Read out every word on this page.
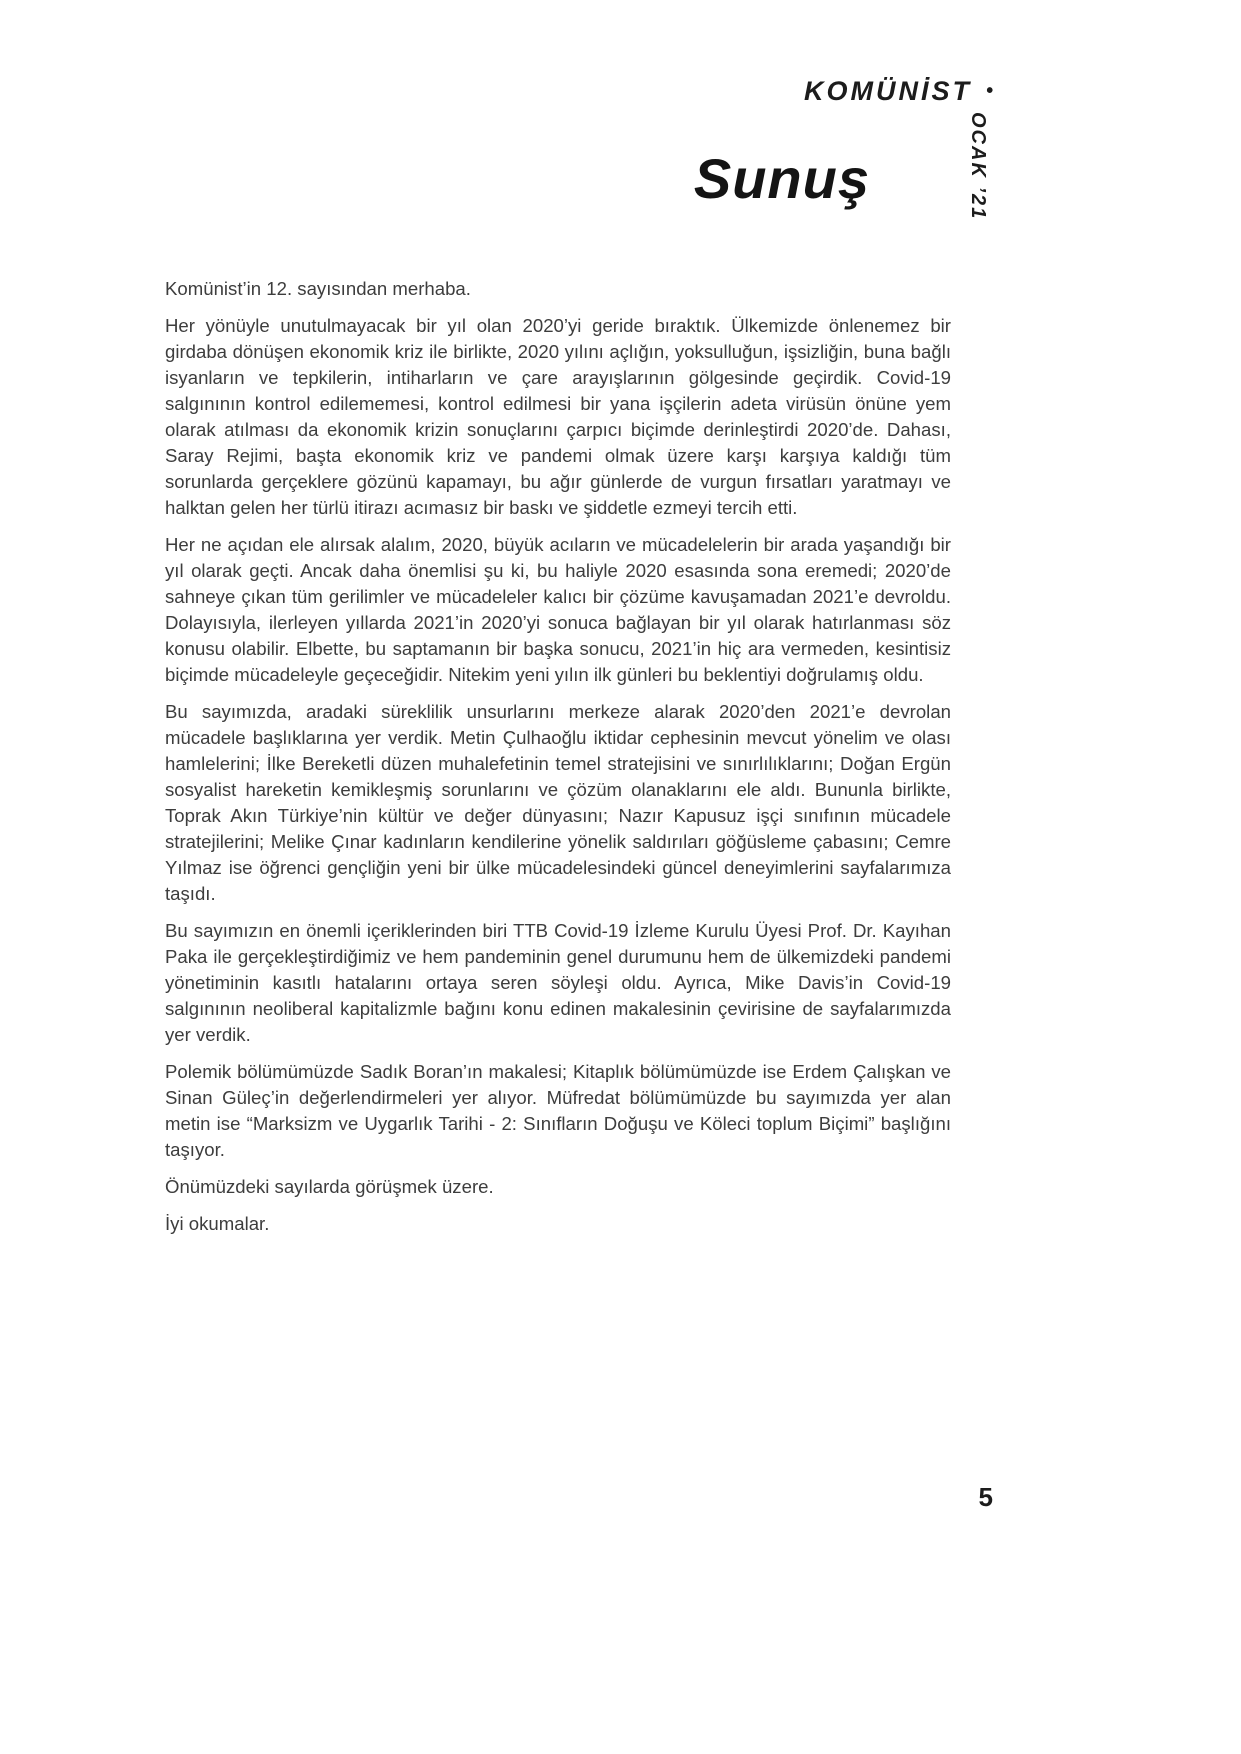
KOMÜNİST •
OCAK ’21
Sunuş

Komünist’in 12. sayısından merhaba.

Her yönüyle unutulmayacak bir yıl olan 2020’yi geride bıraktık. Ülkemizde önlenemez bir girdaba dönüşen ekonomik kriz ile birlikte, 2020 yılını açlığın, yoksulluğun, işsizliğin, buna bağlı isyanların ve tepkilerin, intiharların ve çare arayışlarının gölgesinde geçirdik. Covid-19 salgınının kontrol edilememesi, kontrol edilmesi bir yana işçilerin adeta virüsün önüne yem olarak atılması da ekonomik krizin sonuçlarını çarpıcı biçimde derinleştirdi 2020’de. Dahası, Saray Rejimi, başta ekonomik kriz ve pandemi olmak üzere karşı karşıya kaldığı tüm sorunlarda gerçeklere gözünü kapamayı, bu ağır günlerde de vurgun fırsatları yaratmayı ve halktan gelen her türlü itirazı acımasız bir baskı ve şiddetle ezmeyi tercih etti.

Her ne açıdan ele alırsak alalım, 2020, büyük acıların ve mücadelelerin bir arada yaşandığı bir yıl olarak geçti. Ancak daha önemlisi şu ki, bu haliyle 2020 esasında sona eremedi; 2020’de sahneye çıkan tüm gerilimler ve mücadeleler kalıcı bir çözüme kavuşamadan 2021’e devroldu. Dolayısıyla, ilerleyen yıllarda 2021’in 2020’yi sonuca bağlayan bir yıl olarak hatırlanması söz konusu olabilir. Elbette, bu saptamanın bir başka sonucu, 2021’in hiç ara vermeden, kesintisiz biçimde mücadeleyle geçeceğidir. Nitekim yeni yılın ilk günleri bu beklentiyi doğrulamış oldu.

Bu sayımızda, aradaki süreklilik unsurlarını merkeze alarak 2020’den 2021’e devrolan mücadele başlıklarına yer verdik. Metin Çulhaoğlu iktidar cephesinin mevcut yönelim ve olası hamlelerini; İlke Bereketli düzen muhalefetinin temel stratejisini ve sınırlılıklarını; Doğan Ergün sosyalist hareketin kemikleşmiş sorunlarını ve çözüm olanaklarını ele aldı. Bununla birlikte, Toprak Akın Türkiye’nin kültür ve değer dünyasını; Nazır Kapusuz işçi sınıfının mücadele stratejilerini; Melike Çınar kadınların kendilerine yönelik saldırıları göğüsleme çabasını; Cemre Yılmaz ise öğrenci gençliğin yeni bir ülke mücadelesindeki güncel deneyimlerini sayfalarımıza taşıdı.

Bu sayımızın en önemli içeriklerinden biri TTB Covid-19 İzleme Kurulu Üyesi Prof. Dr. Kayıhan Paka ile gerçekleştirdiğimiz ve hem pandeminin genel durumunu hem de ülkemizdeki pandemi yönetiminin kasıtlı hatalarını ortaya seren söyleşi oldu. Ayrıca, Mike Davis’in Covid-19 salgınının neoliberal kapitalizmle bağını konu edinen makalesinin çevirisine de sayfalarımızda yer verdik.

Polemik bölümümüzde Sadık Boran’ın makalesi; Kitaplık bölümümüzde ise Erdem Çalışkan ve Sinan Güleç’in değerlendirmeleri yer alıyor. Müfredat bölümümüzde bu sayımızda yer alan metin ise “Marksizm ve Uygarlık Tarihi - 2: Sınıfların Doğuşu ve Köleci toplum Biçimi” başlığını taşıyor.

Önümüzdeki sayılarda görüşmek üzere.

İyi okumalar.

5
